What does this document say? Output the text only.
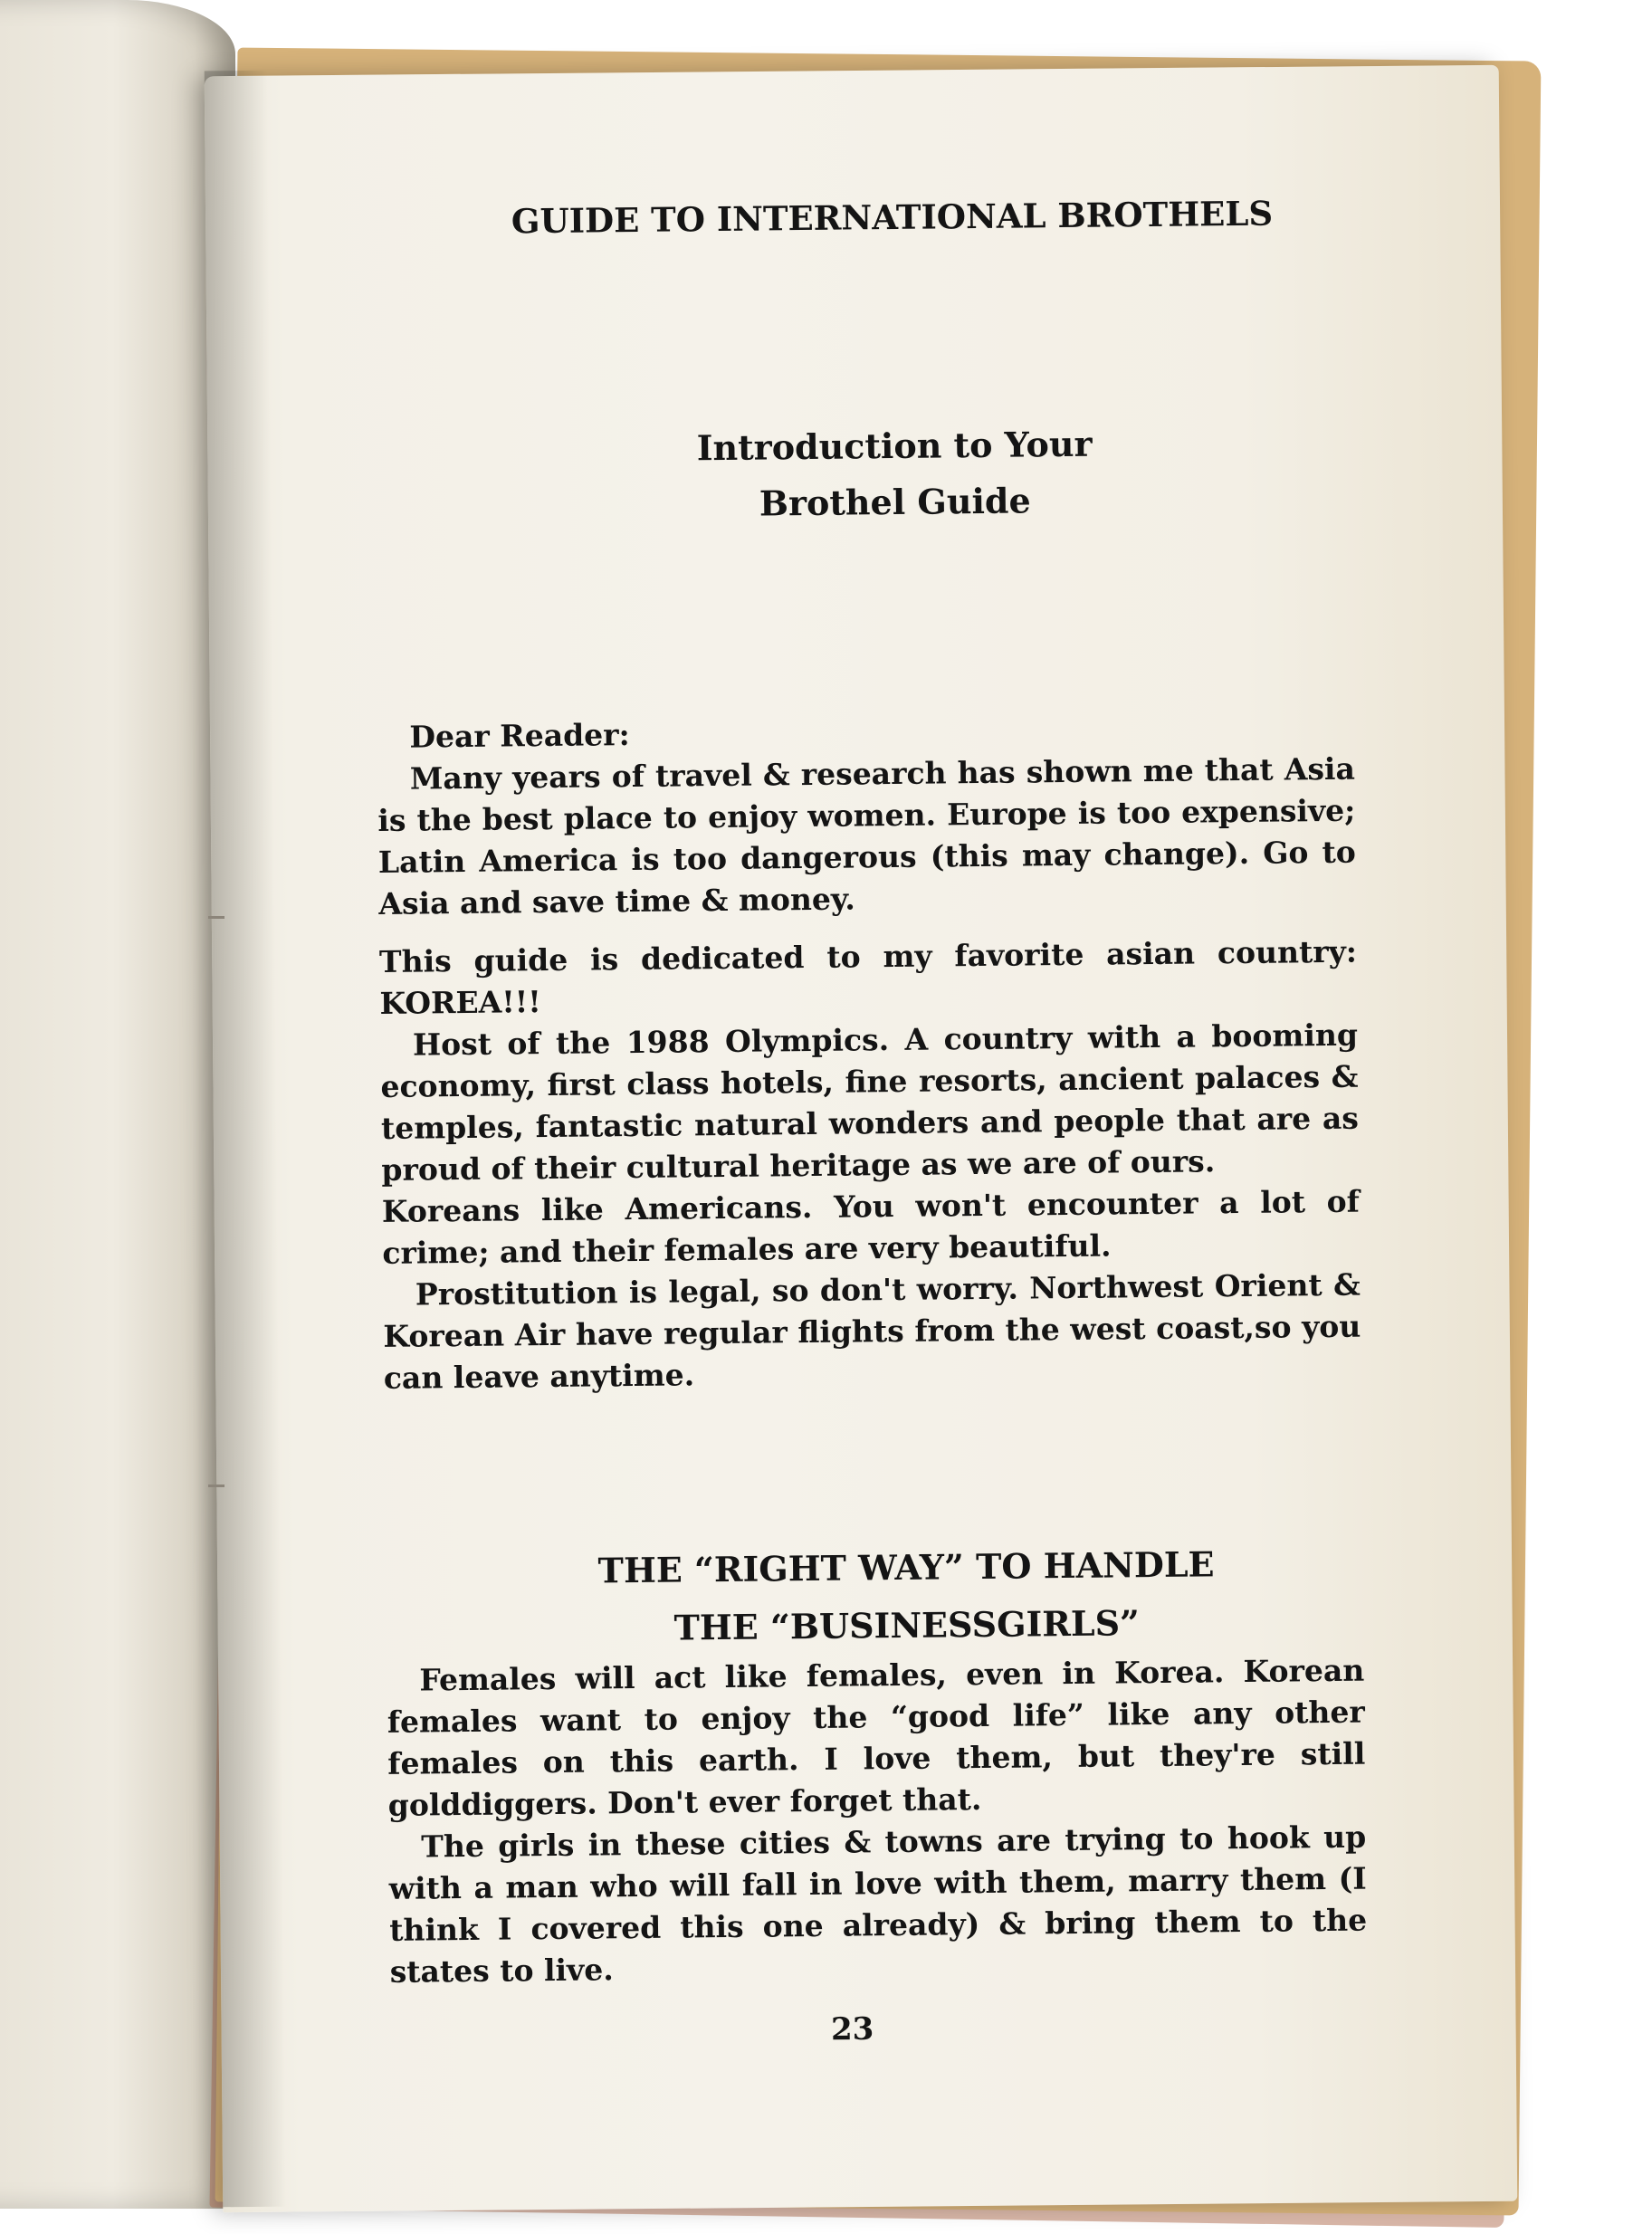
GUIDE TO INTERNATIONAL BROTHELS
Introduction to Your
Brothel Guide
Dear Reader:

Many years of travel & research has shown me that Asia is the best place to enjoy women. Europe is too expensive; Latin America is too dangerous (this may change). Go to Asia and save time & money.

This guide is dedicated to my favorite asian country: KOREA!!!

Host of the 1988 Olympics. A country with a booming economy, first class hotels, fine resorts, ancient palaces & temples, fantastic natural wonders and people that are as proud of their cultural heritage as we are of ours.

Koreans like Americans. You won't encounter a lot of crime; and their females are very beautiful.

Prostitution is legal, so don't worry. Northwest Orient & Korean Air have regular flights from the west coast,so you can leave anytime.

THE “RIGHT WAY” TO HANDLE
THE “BUSINESSGIRLS”

Females will act like females, even in Korea. Korean females want to enjoy the “good life” like any other females on this earth. I love them, but they're still golddiggers. Don't ever forget that.

The girls in these cities & towns are trying to hook up with a man who will fall in love with them, marry them (I think I covered this one already) & bring them to the states to live.

23
